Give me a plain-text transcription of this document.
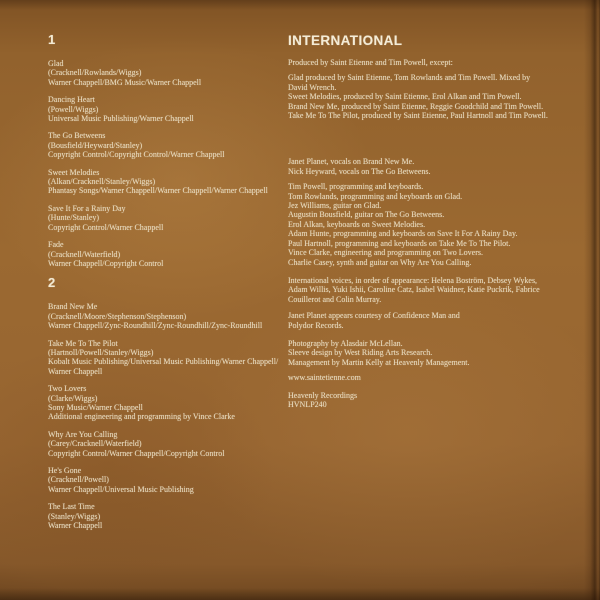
1
Glad
(Cracknell/Rowlands/Wiggs)
Warner Chappell/BMG Music/Warner Chappell
Dancing Heart
(Powell/Wiggs)
Universal Music Publishing/Warner Chappell
The Go Betweens
(Bousfield/Heyward/Stanley)
Copyright Control/Copyright Control/Warner Chappell
Sweet Melodies
(Alkan/Cracknell/Stanley/Wiggs)
Phantasy Songs/Warner Chappell/Warner Chappell/Warner Chappell
Save It For a Rainy Day
(Hunte/Stanley)
Copyright Control/Warner Chappell
Fade
(Cracknell/Waterfield)
Warner Chappell/Copyright Control
2
Brand New Me
(Cracknell/Moore/Stephenson/Stephenson)
Warner Chappell/Zync-Roundhill/Zync-Roundhill/Zync-Roundhill
Take Me To The Pilot
(Hartnoll/Powell/Stanley/Wiggs)
Kobalt Music Publishing/Universal Music Publishing/Warner Chappell/
Warner Chappell
Two Lovers
(Clarke/Wiggs)
Sony Music/Warner Chappell
Additional engineering and programming by Vince Clarke
Why Are You Calling
(Carey/Cracknell/Waterfield)
Copyright Control/Warner Chappell/Copyright Control
He's Gone
(Cracknell/Powell)
Warner Chappell/Universal Music Publishing
The Last Time
(Stanley/Wiggs)
Warner Chappell
INTERNATIONAL
Produced by Saint Etienne and Tim Powell, except:
Glad produced by Saint Etienne, Tom Rowlands and Tim Powell. Mixed by
David Wrench.
Sweet Melodies, produced by Saint Etienne, Erol Alkan and Tim Powell.
Brand New Me, produced by Saint Etienne, Reggie Goodchild and Tim Powell.
Take Me To The Pilot, produced by Saint Etienne, Paul Hartnoll and Tim Powell.
Janet Planet, vocals on Brand New Me.
Nick Heyward, vocals on The Go Betweens.
Tim Powell, programming and keyboards.
Tom Rowlands, programming and keyboards on Glad.
Jez Williams, guitar on Glad.
Augustin Bousfield, guitar on The Go Betweens.
Erol Alkan, keyboards on Sweet Melodies.
Adam Hunte, programming and keyboards on Save It For A Rainy Day.
Paul Hartnoll, programming and keyboards on Take Me To The Pilot.
Vince Clarke, engineering and programming on Two Lovers.
Charlie Casey, synth and guitar on Why Are You Calling.
International voices, in order of appearance: Helena Boström, Debsey Wykes,
Adam Willis, Yuki Ishii, Caroline Catz, Isabel Waidner, Katie Puckrik, Fabrice
Couillerot and Colin Murray.
Janet Planet appears courtesy of Confidence Man and
Polydor Records.
Photography by Alasdair McLellan.
Sleeve design by West Riding Arts Research.
Management by Martin Kelly at Heavenly Management.
www.saintetienne.com
Heavenly Recordings
HVNLP240
